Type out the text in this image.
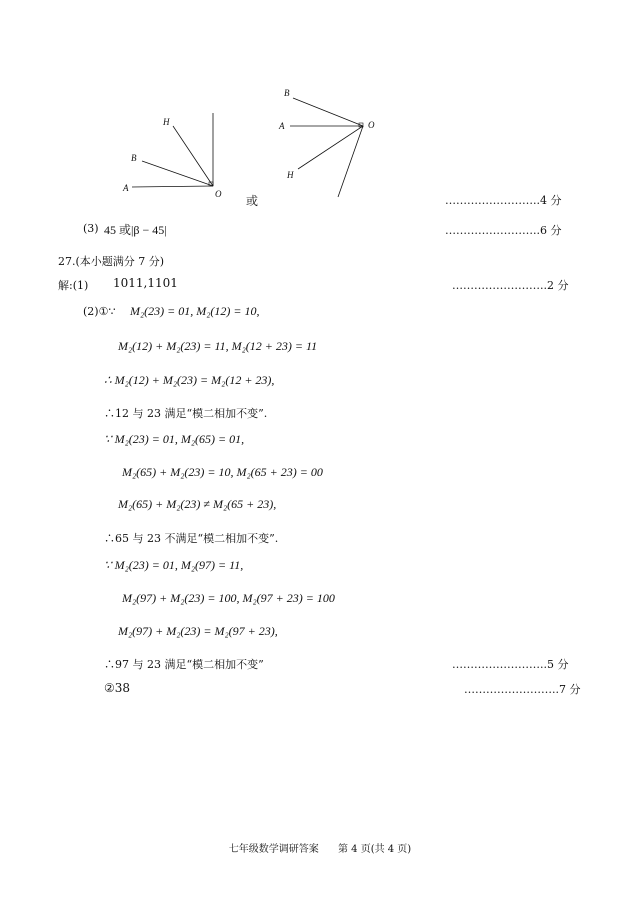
H
B
A
O
B
A	O
H
或	……………………..4 分
(3) 45 或|β − 45|	……………………..6 分
27.(本小题满分 7 分)
解:(1) 1011,1101	……………………..2 分
(2)①∵ M₂(23) = 01, M₂(12) = 10,
M₂(12) + M₂(23) = 11, M₂(12 + 23) = 11
∴ M₂(12) + M₂(23) = M₂(12 + 23),
∴12 与 23 满足“模二相加不变”.
∵ M₂(23) = 01, M₂(65) = 01,
M₂(65) + M₂(23) = 10, M₂(65 + 23) = 00
M₂(65) + M₂(23) ≠ M₂(65 + 23),
∴65 与 23 不满足“模二相加不变”.
∵ M₂(23) = 01, M₂(97) = 11,
M₂(97) + M₂(23) = 100, M₂(97 + 23) = 100
M₂(97) + M₂(23) = M₂(97 + 23),
∴97 与 23 满足“模二相加不变”	……………………..5 分
②38	……………………..7 分
七年级数学调研答案 第 4 页(共 4 页)
